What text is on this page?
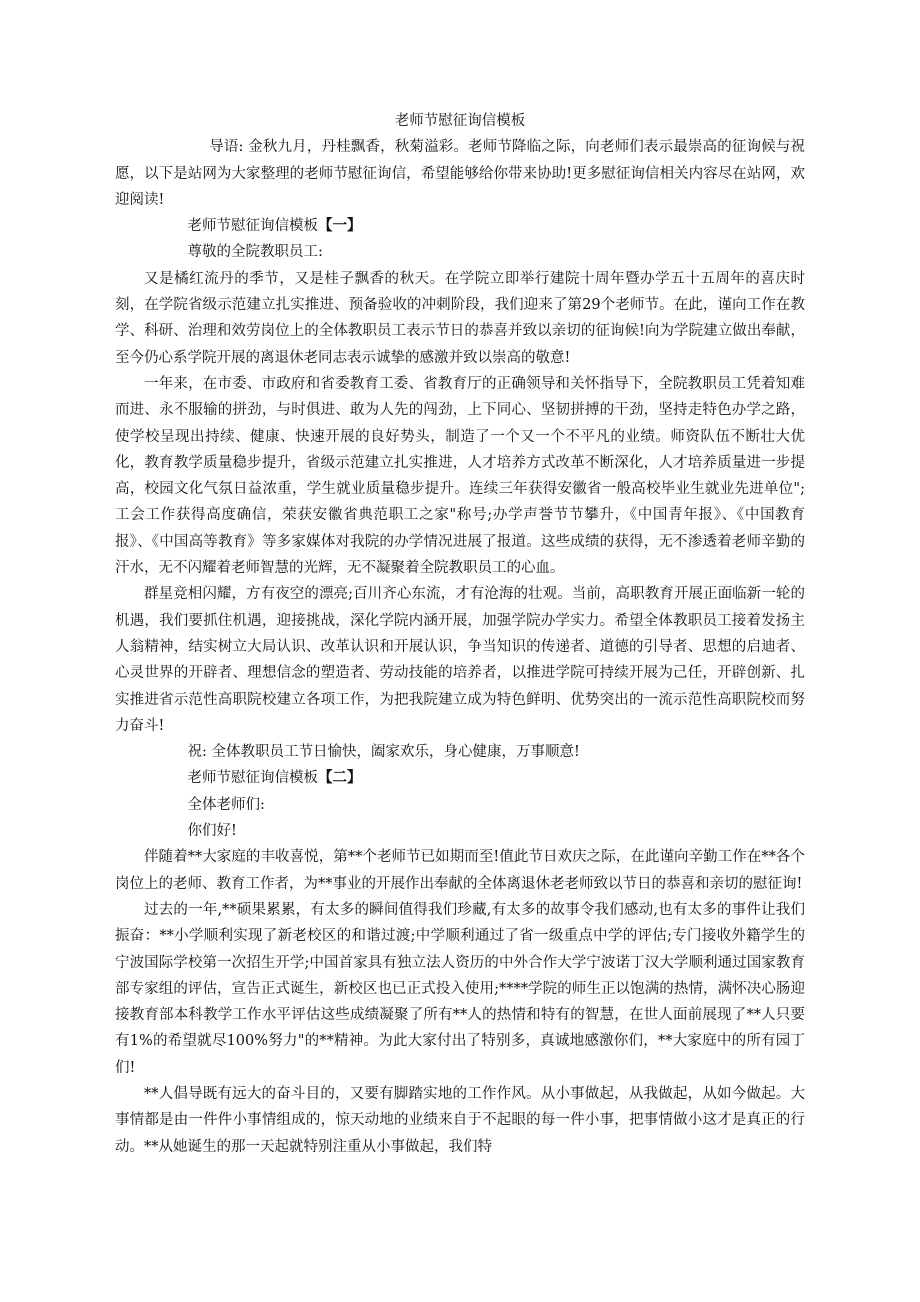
老师节慰征询信模板

导语: 金秋九月，丹桂飘香，秋菊溢彩。老师节降临之际，向老师们表示最崇高的征询候与祝愿，以下是站网为大家整理的老师节慰征询信，希望能够给你带来协助!更多慰征询信相关内容尽在站网，欢迎阅读!

老师节慰征询信模板【一】

尊敬的全院教职员工:

又是橘红流丹的季节，又是桂子飘香的秋天。在学院立即举行建院十周年暨办学五十五周年的喜庆时刻，在学院省级示范建立扎实推进、预备验收的冲刺阶段，我们迎来了第29个老师节。在此，谨向工作在教学、科研、治理和效劳岗位上的全体教职员工表示节日的恭喜并致以亲切的征询候!向为学院建立做出奉献，至今仍心系学院开展的离退休老同志表示诚挚的感激并致以崇高的敬意!

一年来，在市委、市政府和省委教育工委、省教育厅的正确领导和关怀指导下，全院教职员工凭着知难而进、永不服输的拼劲，与时俱进、敢为人先的闯劲，上下同心、坚韧拼搏的干劲，坚持走特色办学之路，使学校呈现出持续、健康、快速开展的良好势头，制造了一个又一个不平凡的业绩。师资队伍不断壮大优化，教育教学质量稳步提升，省级示范建立扎实推进，人才培养方式改革不断深化，人才培养质量进一步提高，校园文化气氛日益浓重，学生就业质量稳步提升。连续三年获得安徽省一般高校毕业生就业先进单位";工会工作获得高度确信，荣获安徽省典范职工之家"称号;办学声誉节节攀升，《中国青年报》、《中国教育报》、《中国高等教育》等多家媒体对我院的办学情况进展了报道。这些成绩的获得，无不渗透着老师辛勤的汗水，无不闪耀着老师智慧的光辉，无不凝聚着全院教职员工的心血。

群星竞相闪耀，方有夜空的漂亮;百川齐心东流，才有沧海的壮观。当前，高职教育开展正面临新一轮的机遇，我们要抓住机遇，迎接挑战，深化学院内涵开展，加强学院办学实力。希望全体教职员工接着发扬主人翁精神，结实树立大局认识、改革认识和开展认识，争当知识的传递者、道德的引导者、思想的启迪者、心灵世界的开辟者、理想信念的塑造者、劳动技能的培养者，以推进学院可持续开展为己任，开辟创新、扎实推进省示范性高职院校建立各项工作，为把我院建立成为特色鲜明、优势突出的一流示范性高职院校而努力奋斗!

祝: 全体教职员工节日愉快，阖家欢乐，身心健康，万事顺意!

老师节慰征询信模板【二】

全体老师们:

你们好!

伴随着**大家庭的丰收喜悦，第**个老师节已如期而至!值此节日欢庆之际，在此谨向辛勤工作在**各个岗位上的老师、教育工作者，为**事业的开展作出奉献的全体离退休老老师致以节日的恭喜和亲切的慰征询!

过去的一年,**硕果累累，有太多的瞬间值得我们珍藏,有太多的故事令我们感动,也有太多的事件让我们振奋：**小学顺利实现了新老校区的和谐过渡;中学顺利通过了省一级重点中学的评估;专门接收外籍学生的宁波国际学校第一次招生开学;中国首家具有独立法人资历的中外合作大学宁波诺丁汉大学顺利通过国家教育部专家组的评估，宣告正式诞生，新校区也已正式投入使用;****学院的师生正以饱满的热情，满怀决心肠迎接教育部本科教学工作水平评估这些成绩凝聚了所有**人的热情和特有的智慧，在世人面前展现了**人只要有1%的希望就尽100%努力"的**精神。为此大家付出了特别多，真诚地感激你们，**大家庭中的所有园丁们!

**人倡导既有远大的奋斗目的，又要有脚踏实地的工作作风。从小事做起，从我做起，从如今做起。大事情都是由一件件小事情组成的，惊天动地的业绩来自于不起眼的每一件小事，把事情做小这才是真正的行动。**从她诞生的那一天起就特别注重从小事做起，我们特
